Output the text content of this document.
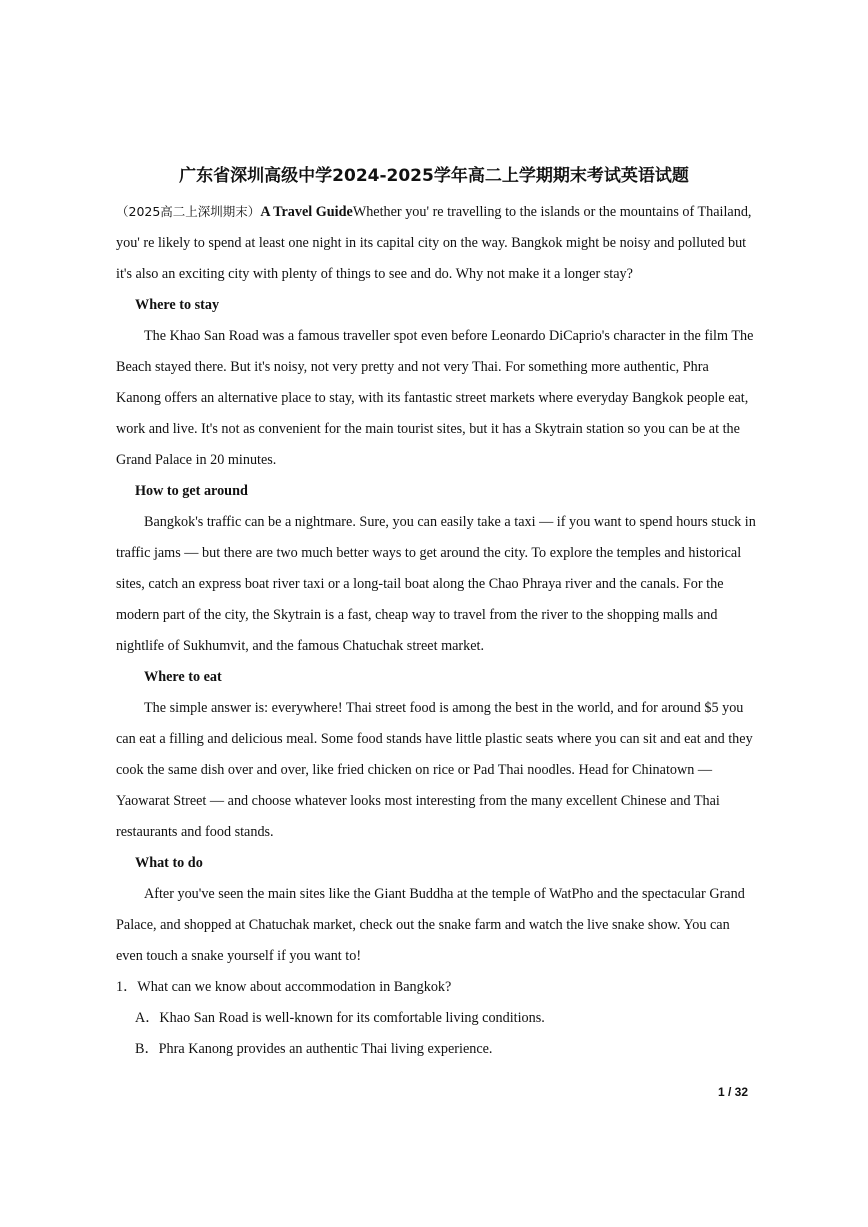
广东省深圳高级中学2024-2025学年高二上学期期末考试英语试题

（2025高二上深圳期末）A Travel GuideWhether you' re travelling to the islands or the mountains of Thailand, you' re likely to spend at least one night in its capital city on the way. Bangkok might be noisy and polluted but it's also an exciting city with plenty of things to see and do. Why not make it a longer stay?

Where to stay

The Khao San Road was a famous traveller spot even before Leonardo DiCaprio's character in the film The Beach stayed there. But it's noisy, not very pretty and not very Thai. For something more authentic, Phra Kanong offers an alternative place to stay, with its fantastic street markets where everyday Bangkok people eat, work and live. It's not as convenient for the main tourist sites, but it has a Skytrain station so you can be at the Grand Palace in 20 minutes.

How to get around

Bangkok's traffic can be a nightmare. Sure, you can easily take a taxi — if you want to spend hours stuck in traffic jams — but there are two much better ways to get around the city. To explore the temples and historical sites, catch an express boat river taxi or a long-tail boat along the Chao Phraya river and the canals. For the modern part of the city, the Skytrain is a fast, cheap way to travel from the river to the shopping malls and nightlife of Sukhumvit, and the famous Chatuchak street market.

Where to eat

The simple answer is: everywhere! Thai street food is among the best in the world, and for around $5 you can eat a filling and delicious meal. Some food stands have little plastic seats where you can sit and eat and they cook the same dish over and over, like fried chicken on rice or Pad Thai noodles. Head for Chinatown — Yaowarat Street — and choose whatever looks most interesting from the many excellent Chinese and Thai restaurants and food stands.

What to do

After you've seen the main sites like the Giant Buddha at the temple of WatPho and the spectacular Grand Palace, and shopped at Chatuchak market, check out the snake farm and watch the live snake show. You can even touch a snake yourself if you want to!

1．What can we know about accommodation in Bangkok?

A．Khao San Road is well-known for its comfortable living conditions.

B．Phra Kanong provides an authentic Thai living experience.

1 / 32
